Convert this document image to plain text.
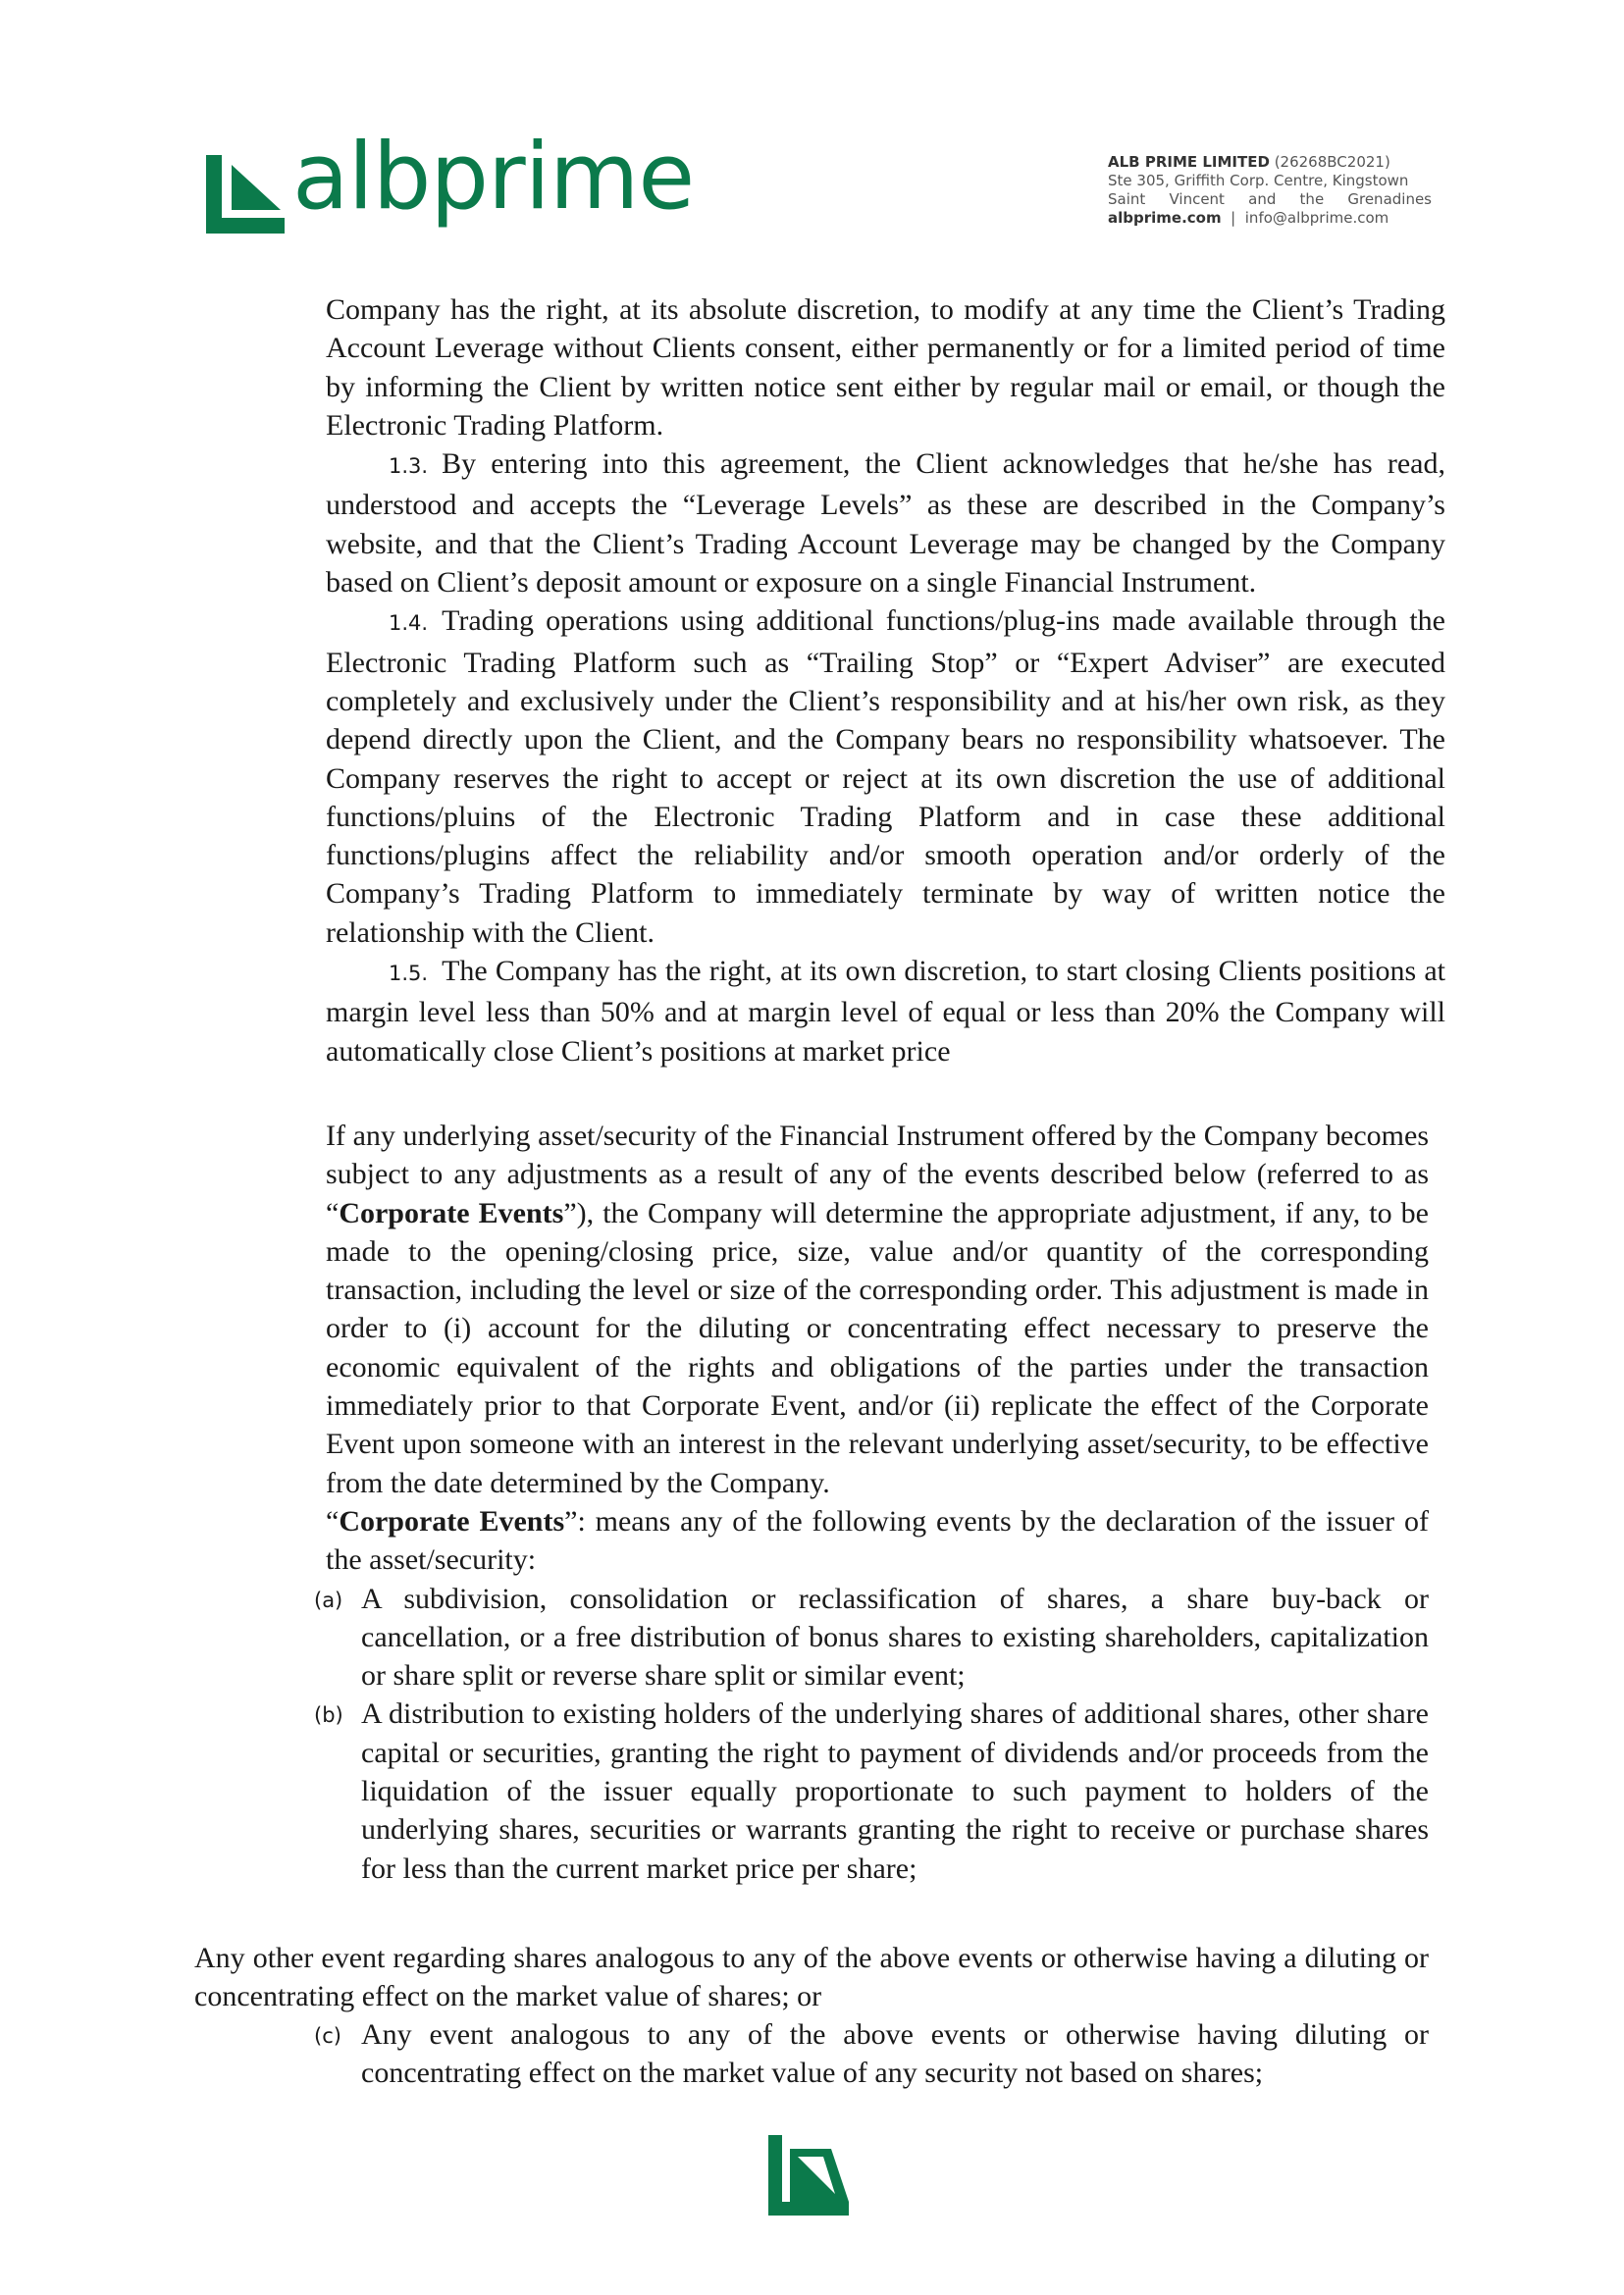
albprime	ALB PRIME LIMITED (26268BC2021)
Ste 305, Griffith Corp. Centre, Kingstown
Saint Vincent and the Grenadines
albprime.com | info@albprime.com

Company has the right, at its absolute discretion, to modify at any time the Client’s Trading Account Leverage without Clients consent, either permanently or for a limited period of time by informing the Client by written notice sent either by regular mail or email, or though the Electronic Trading Platform.

1.3. By entering into this agreement, the Client acknowledges that he/she has read, understood and accepts the “Leverage Levels” as these are described in the Company’s website, and that the Client’s Trading Account Leverage may be changed by the Company based on Client’s deposit amount or exposure on a single Financial Instrument.

1.4. Trading operations using additional functions/plug-ins made available through the Electronic Trading Platform such as “Trailing Stop” or “Expert Adviser” are executed completely and exclusively under the Client’s responsibility and at his/her own risk, as they depend directly upon the Client, and the Company bears no responsibility whatsoever. The Company reserves the right to accept or reject at its own discretion the use of additional functions/pluins of the Electronic Trading Platform and in case these additional functions/plugins affect the reliability and/or smooth operation and/or orderly of the Company’s Trading Platform to immediately terminate by way of written notice the relationship with the Client.

1.5. The Company has the right, at its own discretion, to start closing Clients positions at margin level less than 50% and at margin level of equal or less than 20% the Company will automatically close Client’s positions at market price

If any underlying asset/security of the Financial Instrument offered by the Company becomes subject to any adjustments as a result of any of the events described below (referred to as “Corporate Events”), the Company will determine the appropriate adjustment, if any, to be made to the opening/closing price, size, value and/or quantity of the corresponding transaction, including the level or size of the corresponding order. This adjustment is made in order to (i) account for the diluting or concentrating effect necessary to preserve the economic equivalent of the rights and obligations of the parties under the transaction immediately prior to that Corporate Event, and/or (ii) replicate the effect of the Corporate Event upon someone with an interest in the relevant underlying asset/security, to be effective from the date determined by the Company.

“Corporate Events”: means any of the following events by the declaration of the issuer of the asset/security:

(a) A subdivision, consolidation or reclassification of shares, a share buy-back or cancellation, or a free distribution of bonus shares to existing shareholders, capitalization or share split or reverse share split or similar event;
(b) A distribution to existing holders of the underlying shares of additional shares, other share capital or securities, granting the right to payment of dividends and/or proceeds from the liquidation of the issuer equally proportionate to such payment to holders of the underlying shares, securities or warrants granting the right to receive or purchase shares for less than the current market price per share;

Any other event regarding shares analogous to any of the above events or otherwise having a diluting or concentrating effect on the market value of shares; or

(c) Any event analogous to any of the above events or otherwise having diluting or concentrating effect on the market value of any security not based on shares;
